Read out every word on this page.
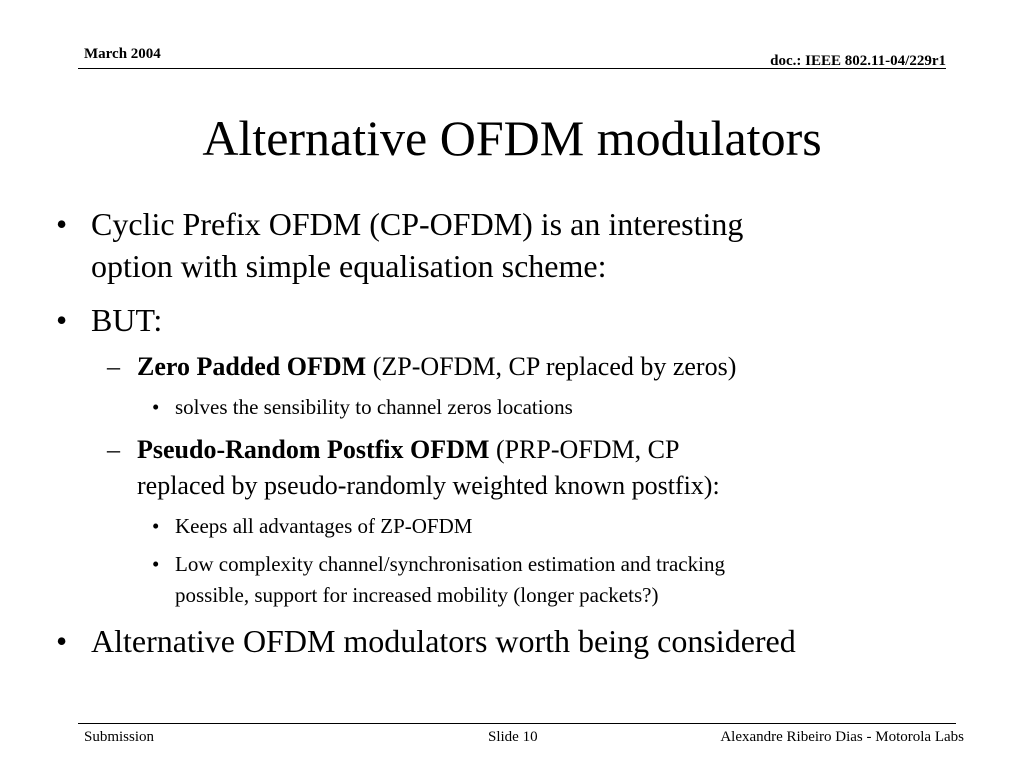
March 2004	doc.: IEEE 802.11-04/229r1
Alternative OFDM modulators
• Cyclic Prefix OFDM (CP-OFDM) is an interesting
option with simple equalisation scheme:
• BUT:
– Zero Padded OFDM (ZP-OFDM, CP replaced by zeros)
• solves the sensibility to channel zeros locations
– Pseudo-Random Postfix OFDM (PRP-OFDM, CP
replaced by pseudo-randomly weighted known postfix):
• Keeps all advantages of ZP-OFDM
• Low complexity channel/synchronisation estimation and tracking
possible, support for increased mobility (longer packets?)
• Alternative OFDM modulators worth being considered
Submission	Slide 10	Alexandre Ribeiro Dias - Motorola Labs
